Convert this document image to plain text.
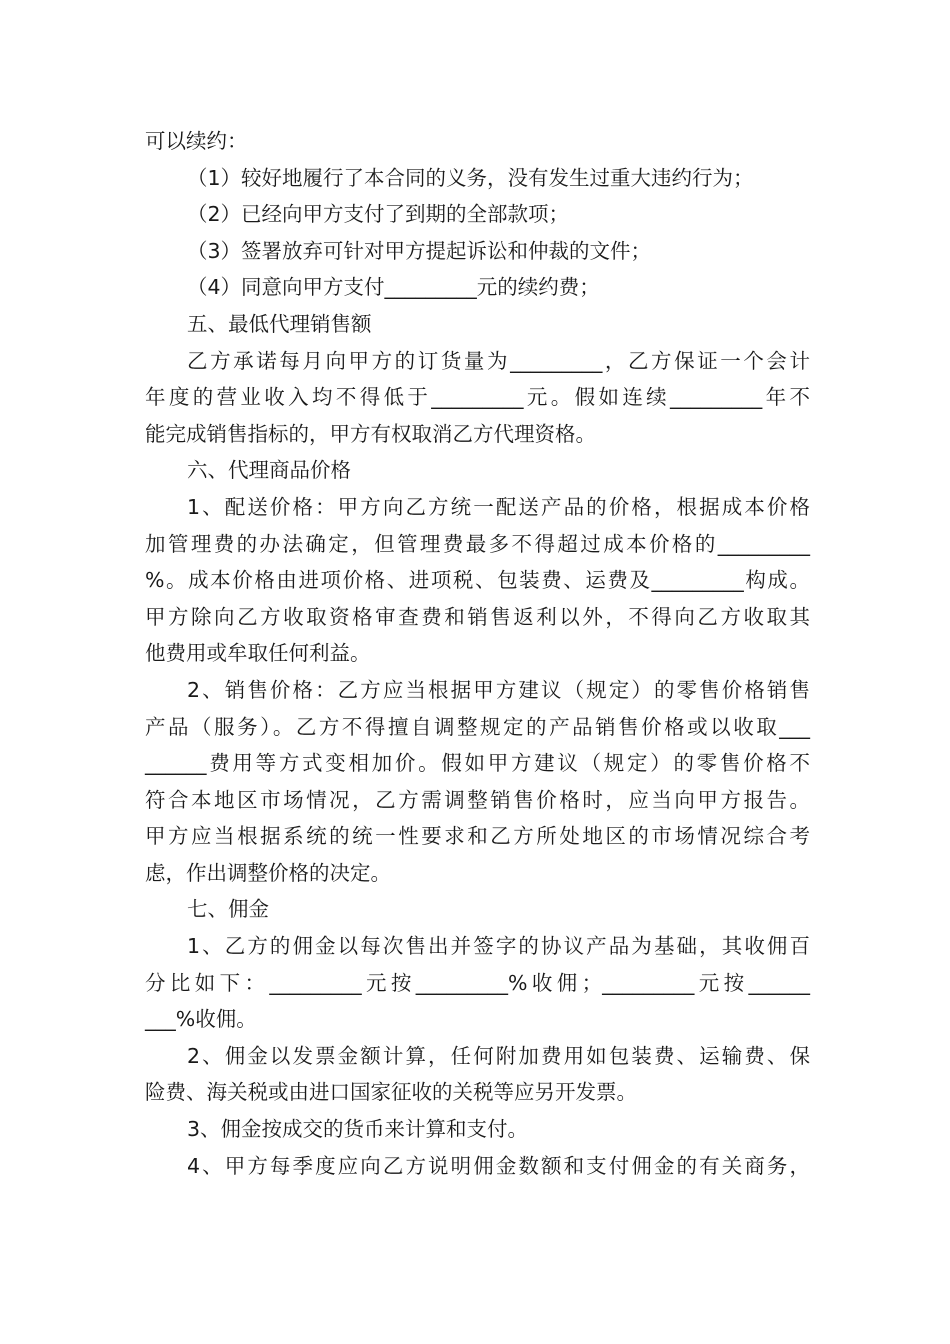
可以续约：
（1）较好地履行了本合同的义务，没有发生过重大违约行为；
（2）已经向甲方支付了到期的全部款项；
（3）签署放弃可针对甲方提起诉讼和仲裁的文件；
（4）同意向甲方支付_________元的续约费；
五、最低代理销售额
乙方承诺每月向甲方的订货量为_________，乙方保证一个会计
年度的营业收入均不得低于_________元。假如连续_________年不
能完成销售指标的，甲方有权取消乙方代理资格。
六、代理商品价格
1、配送价格：甲方向乙方统一配送产品的价格，根据成本价格
加管理费的办法确定，但管理费最多不得超过成本价格的_________
%。成本价格由进项价格、进项税、包装费、运费及_________构成。
甲方除向乙方收取资格审查费和销售返利以外，不得向乙方收取其
他费用或牟取任何利益。
2、销售价格：乙方应当根据甲方建议（规定）的零售价格销售
产品（服务）。乙方不得擅自调整规定的产品销售价格或以收取___
______费用等方式变相加价。假如甲方建议（规定）的零售价格不
符合本地区市场情况，乙方需调整销售价格时，应当向甲方报告。
甲方应当根据系统的统一性要求和乙方所处地区的市场情况综合考
虑，作出调整价格的决定。
七、佣金
1、乙方的佣金以每次售出并签字的协议产品为基础，其收佣百
分比如下：_________元按_________%收佣；_________元按______
___%收佣。
2、佣金以发票金额计算，任何附加费用如包装费、运输费、保
险费、海关税或由进口国家征收的关税等应另开发票。
3、佣金按成交的货币来计算和支付。
4、甲方每季度应向乙方说明佣金数额和支付佣金的有关商务，
